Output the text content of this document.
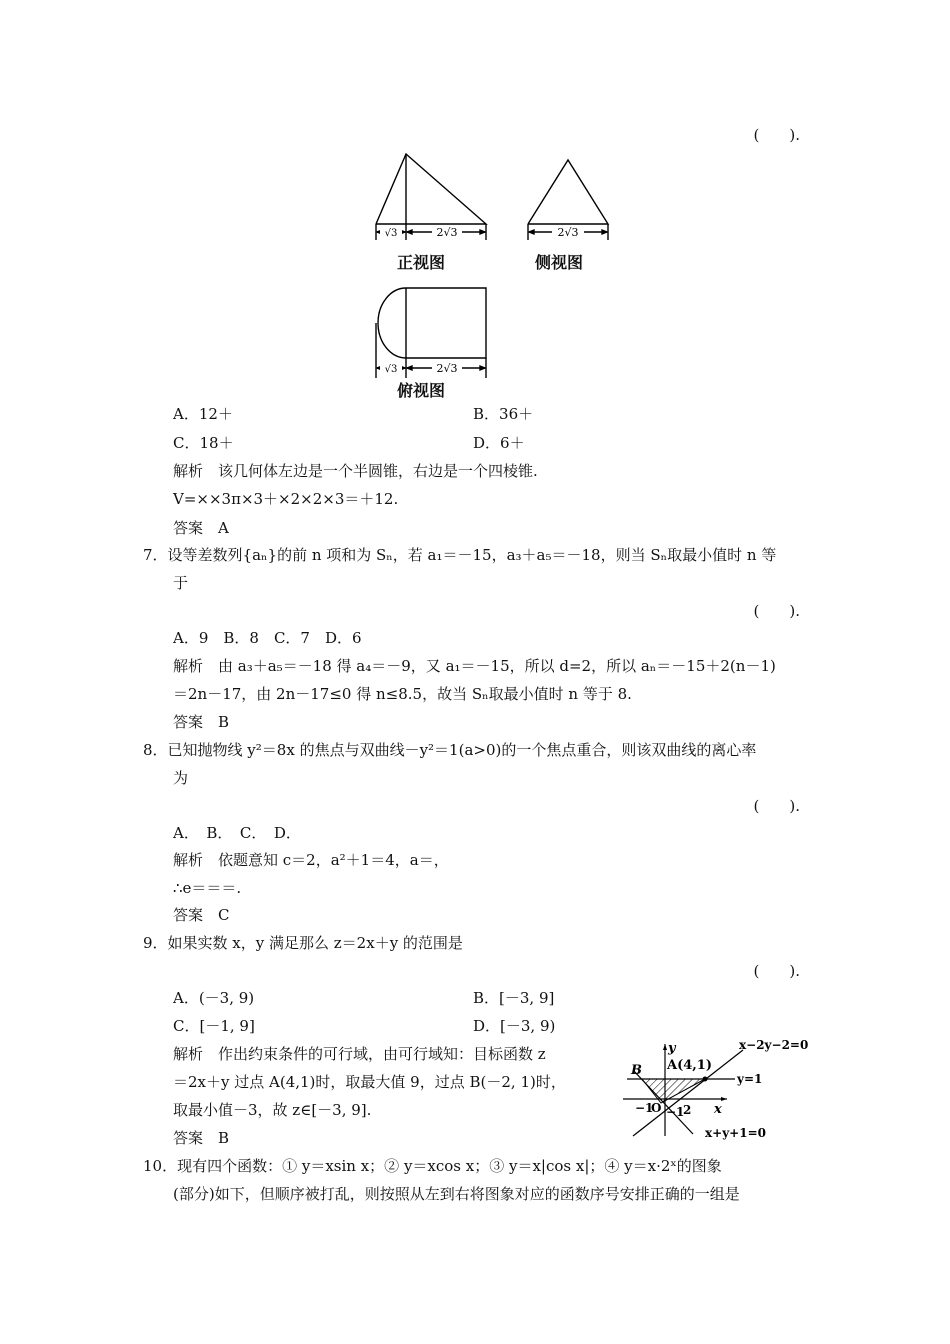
(　　).
√3	2√3	2√3
√3	2√3
正视图	侧视图
俯视图
A．12＋	B．36＋
C．18＋	D．6＋
解析　该几何体左边是一个半圆锥，右边是一个四棱锥.
V=××3π×3＋×2×2×3＝＋12.
答案　A
7．设等差数列{aₙ}的前 n 项和为 Sₙ，若 a₁＝－15，a₃＋a₅＝－18，则当 Sₙ取最小值时 n 等
于
(　　).
A．9　B．8　C．7　D．6
解析　由 a₃＋a₅＝－18 得 a₄＝－9，又 a₁＝－15，所以 d=2，所以 aₙ＝－15＋2(n－1)
＝2n－17，由 2n－17≤0 得 n≤8.5，故当 Sₙ取最小值时 n 等于 8.
答案　B
8．已知抛物线 y²＝8x 的焦点与双曲线－y²＝1(a>0)的一个焦点重合，则该双曲线的离心率
为
(　　).
A．　B．　C．　D．
解析　依题意知 c＝2，a²＋1＝4，a＝，
∴e＝＝＝.
答案　C
9．如果实数 x，y 满足那么 z＝2x＋y 的范围是
(　　).
A．(－3, 9)	B．[－3, 9]
C．[－1, 9]	D．[－3, 9)
解析　作出约束条件的可行域，由可行域知：目标函数 z
＝2x＋y 过点 A(4,1)时，取最大值 9，过点 B(－2, 1)时，
取最小值－3，故 z∈[－3, 9].
答案　B
y
x
A(4,1)
B
x−2y−2=0
y=1
x+y+1=0
−1
O 2
−1
10．现有四个函数：① y＝xsin x；② y＝xcos x；③ y＝x|cos x|；④ y＝x·2ˣ的图象
(部分)如下，但顺序被打乱，则按照从左到右将图象对应的函数序号安排正确的一组是
